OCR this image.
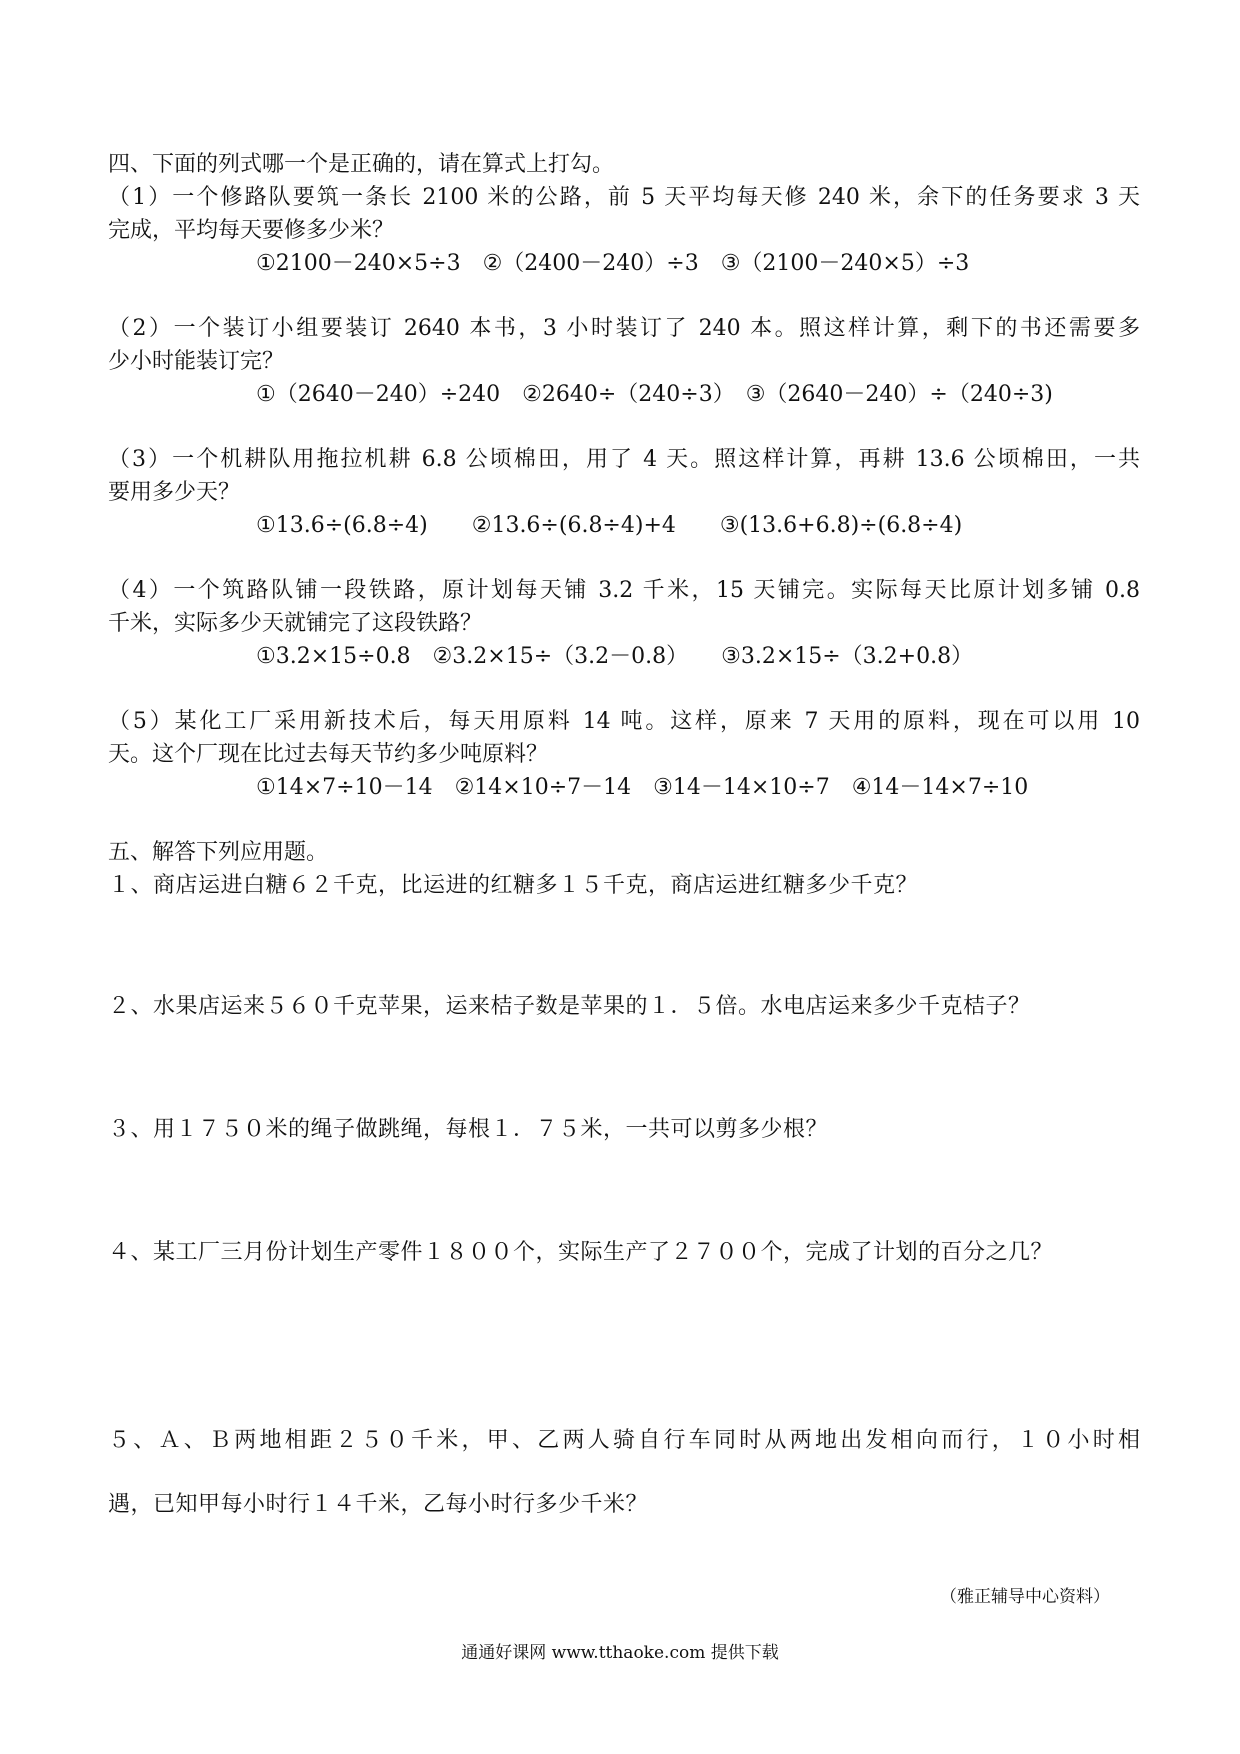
四、下面的列式哪一个是正确的，请在算式上打勾。
（1）一个修路队要筑一条长 2100 米的公路，前 5 天平均每天修 240 米，余下的任务要求 3 天
完成，平均每天要修多少米？
①2100－240×5÷3　②（2400－240）÷3　③（2100－240×5）÷3
（2）一个装订小组要装订 2640 本书，3 小时装订了 240 本。照这样计算，剩下的书还需要多
少小时能装订完？
①（2640－240）÷240　②2640÷（240÷3）　③（2640－240）÷（240÷3)
（3）一个机耕队用拖拉机耕 6.8 公顷棉田，用了 4 天。照这样计算，再耕 13.6 公顷棉田，一共
要用多少天？
①13.6÷(6.8÷4)　　②13.6÷(6.8÷4)+4　　③(13.6+6.8)÷(6.8÷4)
（4）一个筑路队铺一段铁路，原计划每天铺 3.2 千米，15 天铺完。实际每天比原计划多铺 0.8
千米，实际多少天就铺完了这段铁路？
①3.2×15÷0.8　②3.2×15÷（3.2－0.8）　　③3.2×15÷（3.2+0.8）
（5）某化工厂采用新技术后，每天用原料 14 吨。这样，原来 7 天用的原料，现在可以用 10
天。这个厂现在比过去每天节约多少吨原料？
①14×7÷10－14　②14×10÷7－14　③14－14×10÷7　④14－14×7÷10
五、解答下列应用题。
１、商店运进白糖６２千克，比运进的红糖多１５千克，商店运进红糖多少千克？
２、水果店运来５６０千克苹果，运来桔子数是苹果的１．５倍。水电店运来多少千克桔子？
３、用１７５０米的绳子做跳绳，每根１．７５米，一共可以剪多少根？
４、某工厂三月份计划生产零件１８００个，实际生产了２７００个，完成了计划的百分之几？
５、Ａ、Ｂ两地相距２５０千米，甲、乙两人骑自行车同时从两地出发相向而行，１０小时相
遇，已知甲每小时行１４千米，乙每小时行多少千米？
（雅正辅导中心资料）
通通好课网 www.tthaoke.com 提供下载
